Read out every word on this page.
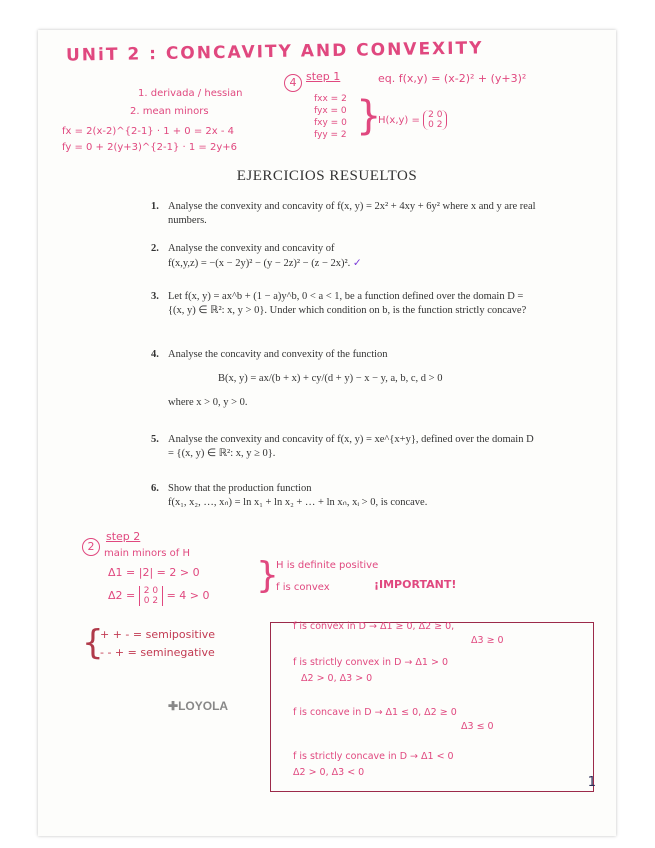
UNiT 2 : CONCAVITY AND CONVEXITY
4 step 1	eq. f(x,y) = (x-2)² + (y+3)²
1. derivada / hessian
2. mean minors
fx = 2(x-2)^{2-1} · 1 + 0 = 2x - 4
fy = 0 + 2(y+3)^{2-1} · 1 = 2y+6
fxx = 2
fyx = 0
fxy = 0
fyy = 2 }
H(x,y) = 2 0
0 2
EJERCICIOS RESUELTOS
1. Analyse the convexity and concavity of f(x, y) = 2x² + 4xy + 6y² where x and y are real numbers.
2. Analyse the convexity and concavity of
f(x,y,z) = −(x − 2y)² − (y − 2z)² − (z − 2x)². ✓
3. Let f(x, y) = ax^b + (1 − a)y^b, 0 < a < 1, be a function defined over the domain D = {(x, y) ∈ ℝ²: x, y > 0}. Under which condition on b, is the function strictly concave?
4. Analyse the concavity and convexity of the function
B(x, y) = ax/(b + x) + cy/(d + y) − x − y, a, b, c, d > 0
where x > 0, y > 0.
5. Analyse the convexity and concavity of f(x, y) = xe^{x+y}, defined over the domain D = {(x, y) ∈ ℝ²: x, y ≥ 0}.
6. Show that the production function
f(x₁, x₂, …, xₙ) = ln x₁ + ln x₂ + … + ln xₙ, xᵢ > 0, is concave.
2
step 2
main minors of H
Δ1 = |2| = 2 > 0
Δ2 = 2 0
0 2 = 4 > 0 }
H is definite positive
f is convex	¡IMPORTANT!
{
+ + - = semipositive
- - + = seminegative
f is convex in D → Δ1 ≥ 0, Δ2 ≥ 0,
Δ3 ≥ 0
f is strictly convex in D → Δ1 > 0
Δ2 > 0, Δ3 > 0
f is concave in D → Δ1 ≤ 0, Δ2 ≥ 0
Δ3 ≤ 0
f is strictly concave in D → Δ1 < 0
Δ2 > 0, Δ3 < 0
✚LOYOLA
1
